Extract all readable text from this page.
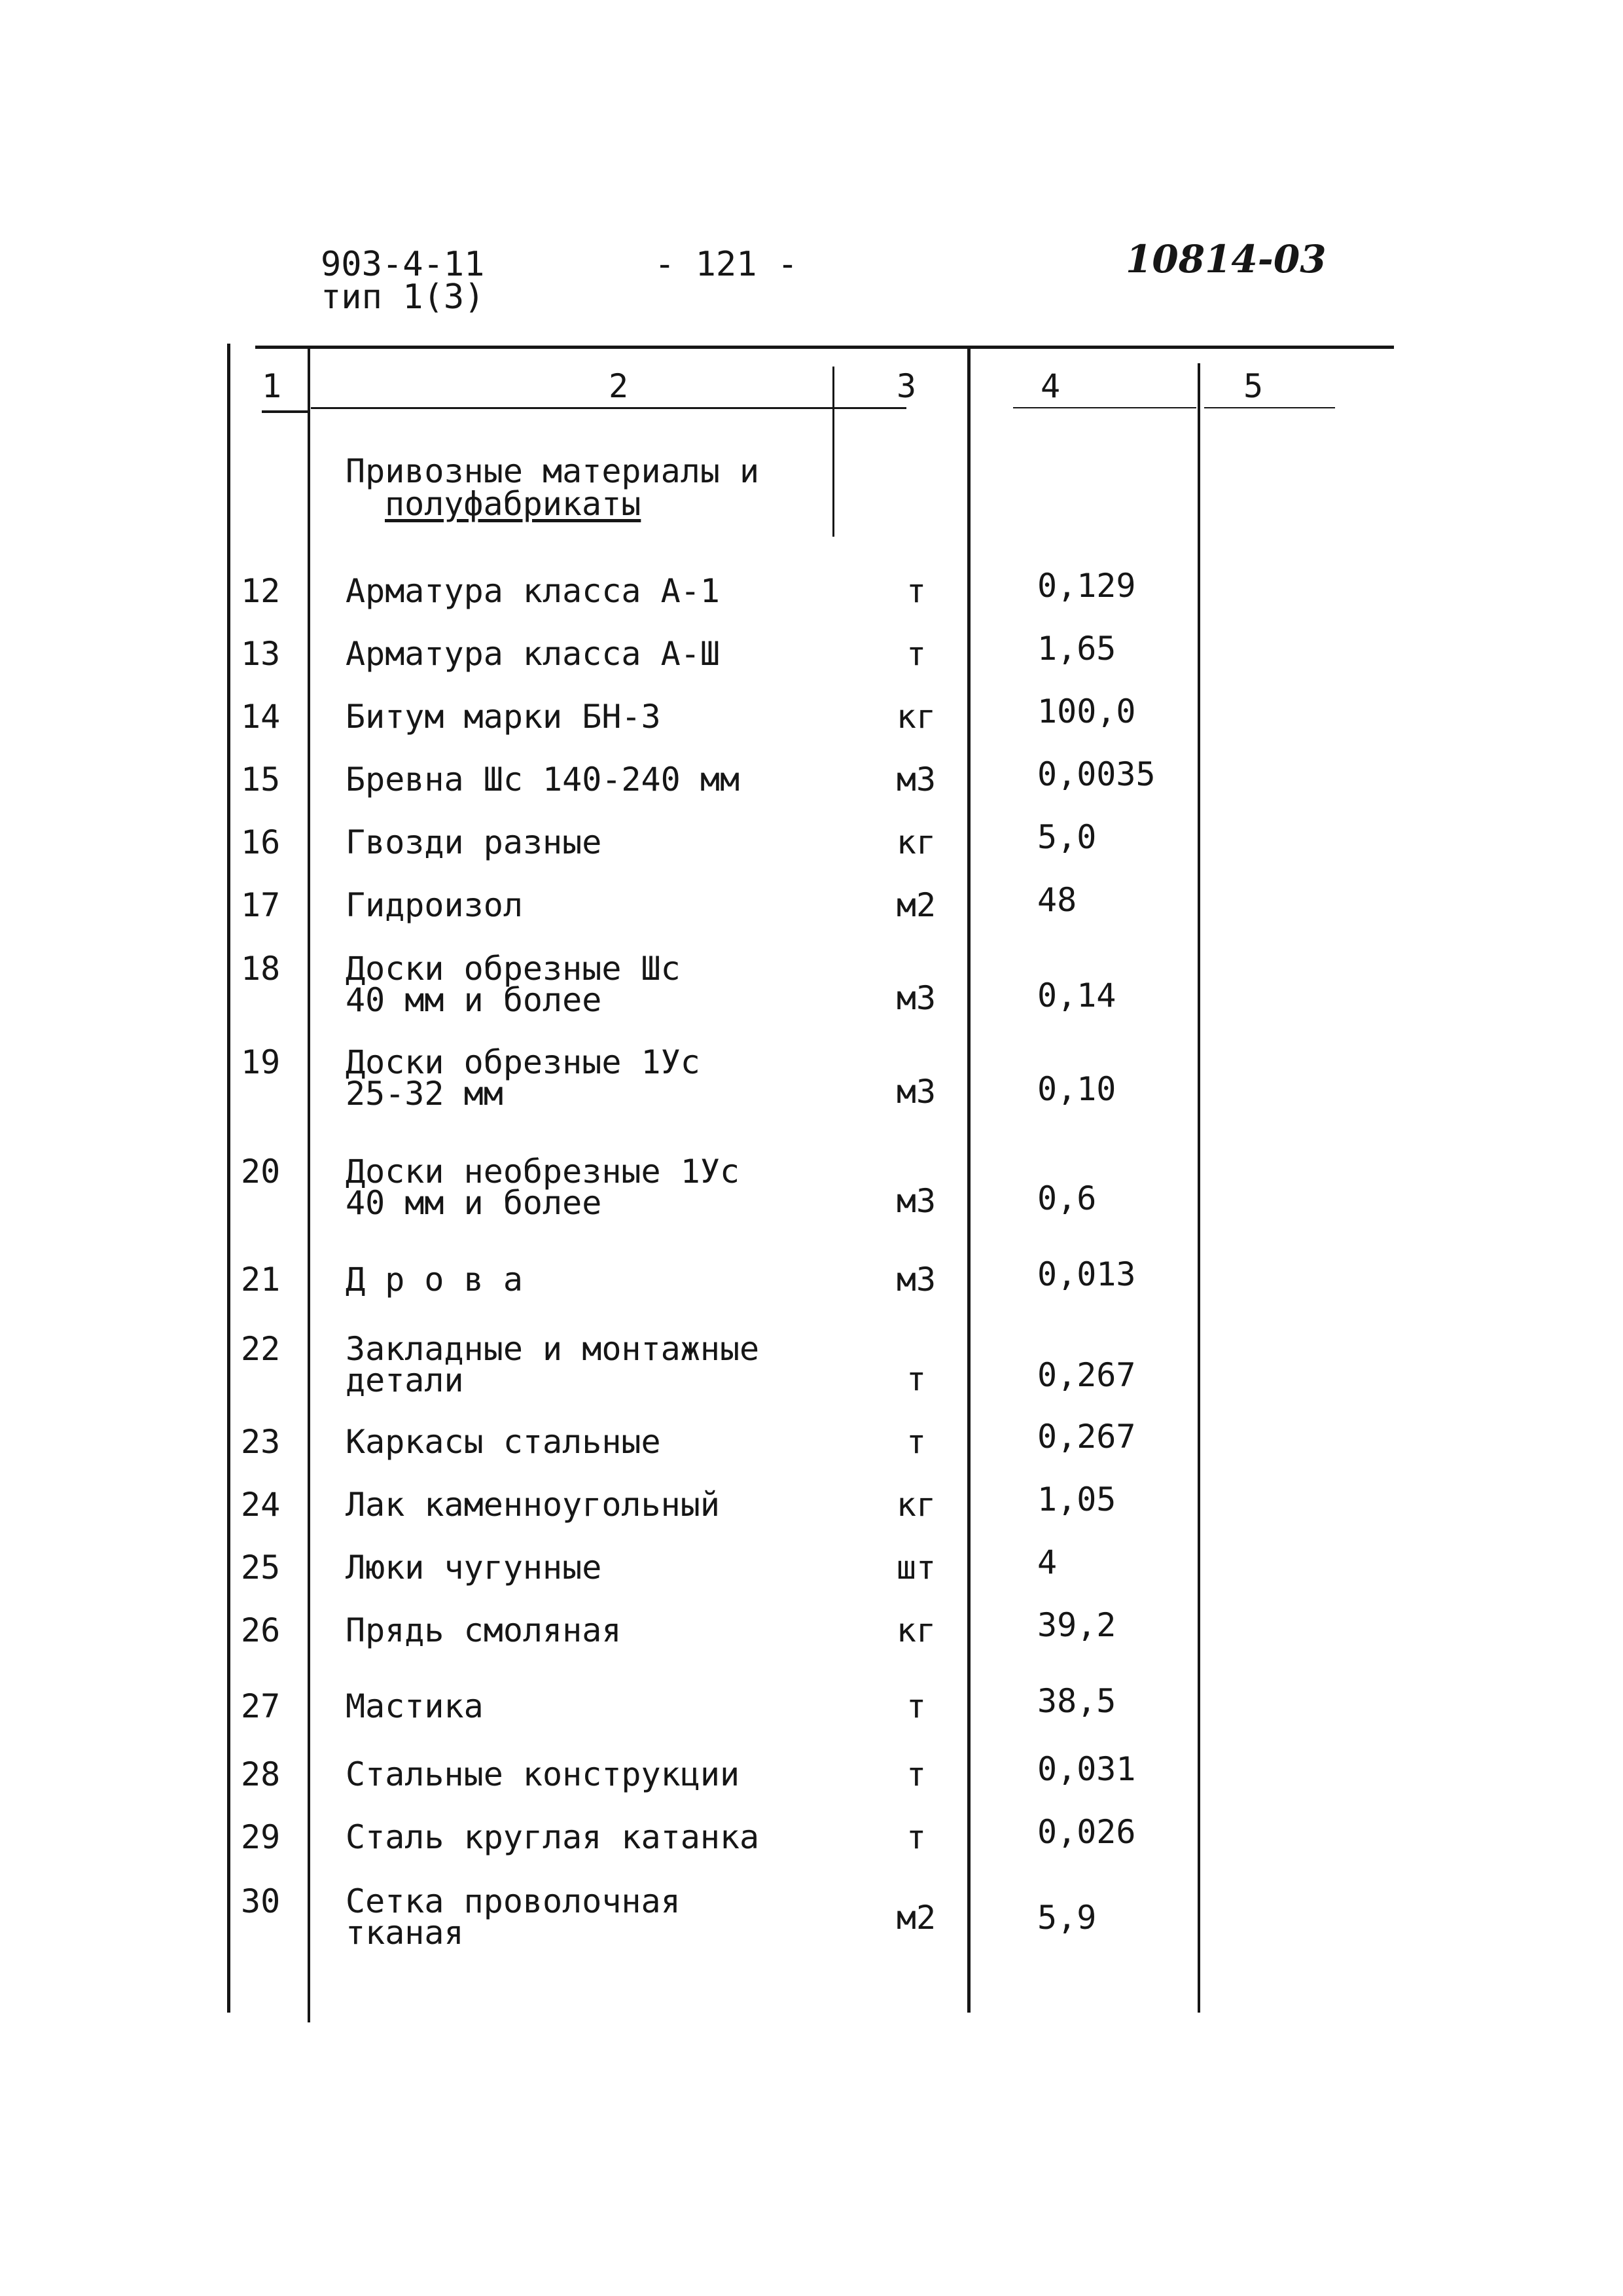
903-4-11
тип 1(3)
- 121 -	10814-03
1	2	3	4	5
Привозные материалы и
полуфабрикаты
12	Арматура класса А-1	т	0,129
13	Арматура класса А-Ш	т	1,65
14	Битум марки БН-3	кг	100,0
15	Бревна Шс 140-240 мм	м3	0,0035
16	Гвозди разные	кг	5,0
17	Гидроизол	м2	48
18	Доски обрезные Шс
40 мм и более	м3	0,14
19	Доски обрезные 1Ус
25-32 мм	м3	0,10
20	Доски необрезные 1Ус
40 мм и более	м3	0,6
21	Д р о в а	м3	0,013
22	Закладные и монтажные
детали	т	0,267
23	Каркасы стальные	т	0,267
24	Лак каменноугольный	кг	1,05
25	Люки чугунные	шт	4
26	Прядь смоляная	кг	39,2
27	Мастика	т	38,5
28	Стальные конструкции	т	0,031
29	Сталь круглая катанка	т	0,026
30	Сетка проволочная
тканая	м2	5,9
